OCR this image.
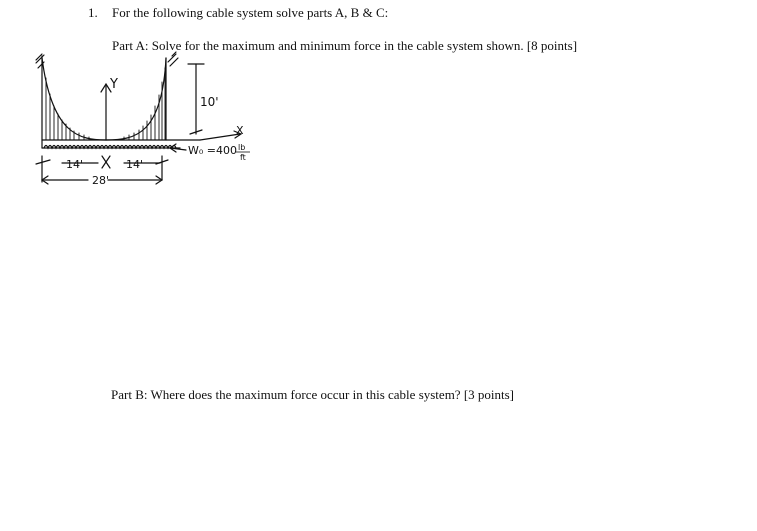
1. For the following cable system solve parts A, B & C:
Part A: Solve for the maximum and minimum force in the cable system shown. [8 points]
Part B: Where does the maximum force occur in this cable system? [3 points]
Y
X
10'
W₀ =400 lb
ft
14'	14'
28'
